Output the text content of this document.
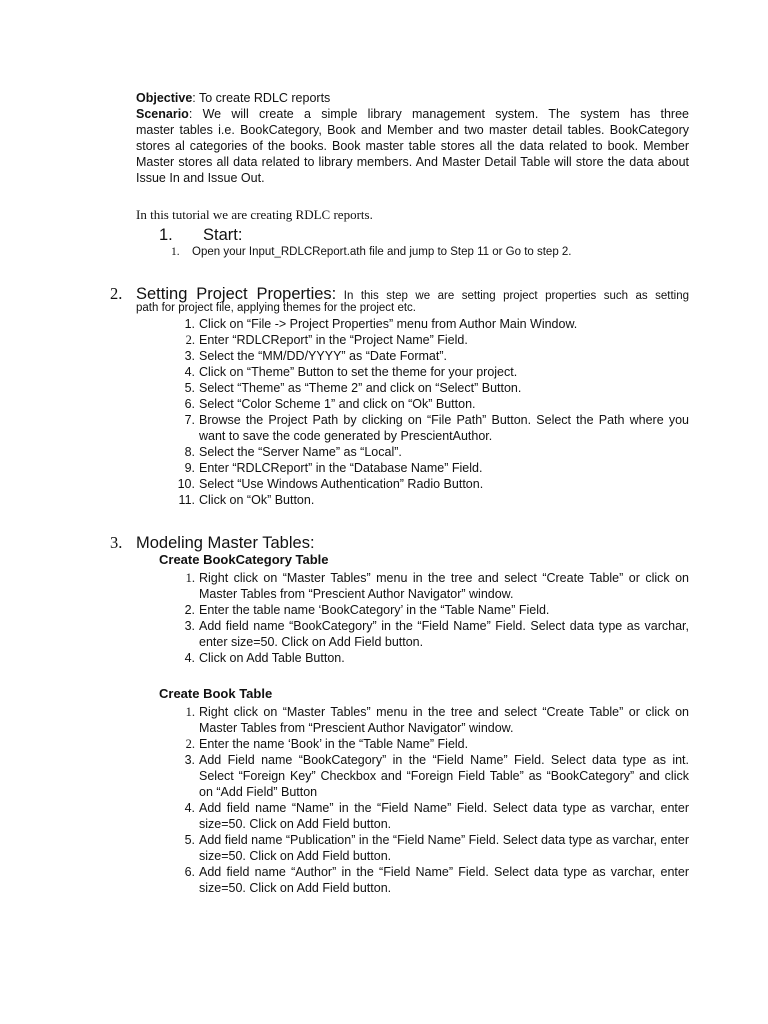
Objective: To create RDLC reports
Scenario: We will create a simple library management system. The system has three
master tables i.e. BookCategory, Book and Member and two master detail tables. BookCategory stores al categories of the books. Book master table stores all the data related to book. Member Master stores all data related to library members. And Master Detail Table will store the data about Issue In and Issue Out.
In this tutorial we are creating RDLC reports.
1. Start:
1. Open your Input_RDLCReport.ath file and jump to Step 11 or Go to step 2.
2. Setting Project Properties: In this step we are setting project properties such as setting
path for project file, applying themes for the project etc.
1. Click on “File -> Project Properties” menu from Author Main Window.
2. Enter “RDLCReport” in the “Project Name” Field.
3. Select the “MM/DD/YYYY” as “Date Format”.
4. Click on “Theme” Button to set the theme for your project.
5. Select “Theme” as “Theme 2” and click on “Select” Button.
6. Select “Color Scheme 1” and click on “Ok” Button.
7. Browse the Project Path by clicking on “File Path” Button. Select the Path where you want to save the code generated by PrescientAuthor.
8. Select the “Server Name” as “Local”.
9. Enter “RDLCReport” in the “Database Name” Field.
10. Select “Use Windows Authentication” Radio Button.
11. Click on “Ok” Button.
3. Modeling Master Tables:
Create BookCategory Table
1. Right click on “Master Tables” menu in the tree and select “Create Table” or click on Master Tables from “Prescient Author Navigator” window.
2. Enter the table name ‘BookCategory’ in the “Table Name” Field.
3. Add field name “BookCategory” in the “Field Name” Field. Select data type as varchar, enter size=50. Click on Add Field button.
4. Click on Add Table Button.
Create Book Table
1. Right click on “Master Tables” menu in the tree and select “Create Table” or click on Master Tables from “Prescient Author Navigator” window.
2. Enter the name ‘Book’ in the “Table Name” Field.
3. Add Field name “BookCategory” in the “Field Name” Field. Select data type as int. Select “Foreign Key” Checkbox and “Foreign Field Table” as “BookCategory” and click on “Add Field” Button
4. Add field name “Name” in the “Field Name” Field. Select data type as varchar, enter size=50. Click on Add Field button.
5. Add field name “Publication” in the “Field Name” Field. Select data type as varchar, enter size=50. Click on Add Field button.
6. Add field name “Author” in the “Field Name” Field. Select data type as varchar, enter size=50. Click on Add Field button.
